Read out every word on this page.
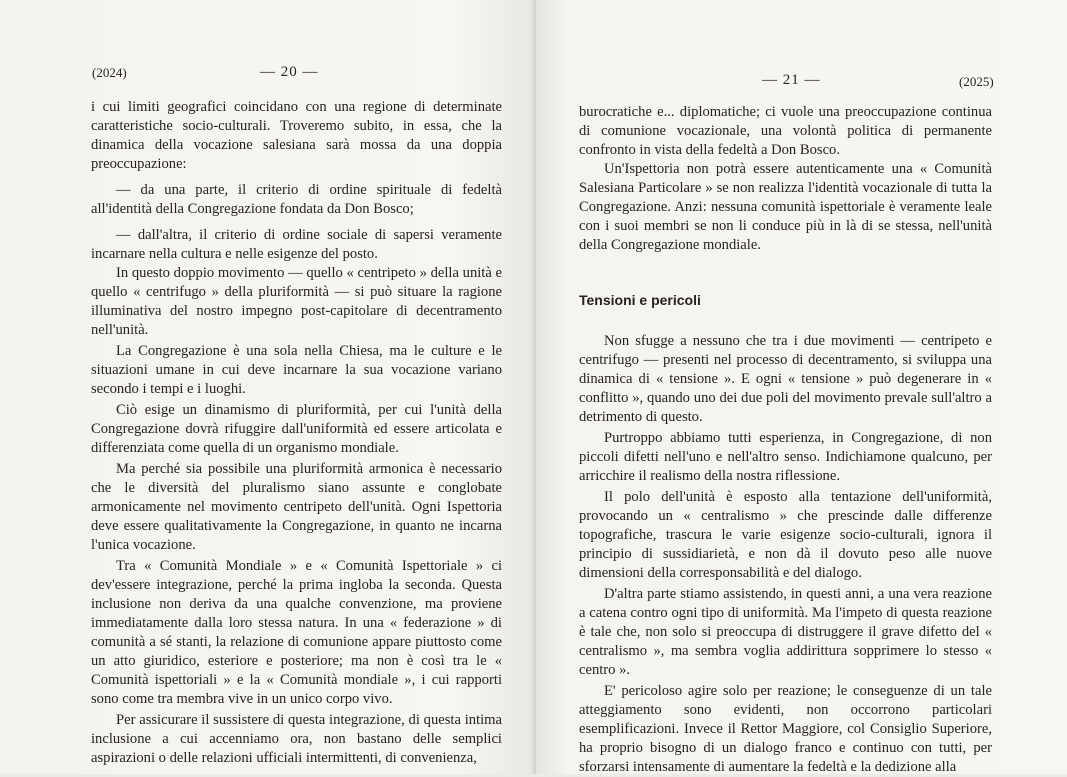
(2024)	— 20 —

i cui limiti geografici coincidano con una regione di determinate caratteristiche socio-culturali. Troveremo subito, in essa, che la dinamica della vocazione salesiana sarà mossa da una doppia preoccupazione:

— da una parte, il criterio di ordine spirituale di fedeltà all'identità della Congregazione fondata da Don Bosco;

— dall'altra, il criterio di ordine sociale di sapersi veramente incarnare nella cultura e nelle esigenze del posto.

In questo doppio movimento — quello « centripeto » della unità e quello « centrifugo » della pluriformità — si può situare la ragione illuminativa del nostro impegno post-capitolare di decentramento nell'unità.

La Congregazione è una sola nella Chiesa, ma le culture e le situazioni umane in cui deve incarnare la sua vocazione variano secondo i tempi e i luoghi.

Ciò esige un dinamismo di pluriformità, per cui l'unità della Congregazione dovrà rifuggire dall'uniformità ed essere articolata e differenziata come quella di un organismo mondiale.

Ma perché sia possibile una pluriformità armonica è necessario che le diversità del pluralismo siano assunte e conglobate armonicamente nel movimento centripeto dell'unità. Ogni Ispettoria deve essere qualitativamente la Congregazione, in quanto ne incarna l'unica vocazione.

Tra « Comunità Mondiale » e « Comunità Ispettoriale » ci dev'essere integrazione, perché la prima ingloba la seconda. Questa inclusione non deriva da una qualche convenzione, ma proviene immediatamente dalla loro stessa natura. In una « federazione » di comunità a sé stanti, la relazione di comunione appare piuttosto come un atto giuridico, esteriore e posteriore; ma non è così tra le « Comunità ispettoriali » e la « Comunità mondiale », i cui rapporti sono come tra membra vive in un unico corpo vivo.

Per assicurare il sussistere di questa integrazione, di questa intima inclusione a cui accenniamo ora, non bastano delle semplici aspirazioni o delle relazioni ufficiali intermittenti, di convenienza,

— 21 —	(2025)

burocratiche e... diplomatiche; ci vuole una preoccupazione continua di comunione vocazionale, una volontà politica di permanente confronto in vista della fedeltà a Don Bosco.

Un'Ispettoria non potrà essere autenticamente una « Comunità Salesiana Particolare » se non realizza l'identità vocazionale di tutta la Congregazione. Anzi: nessuna comunità ispettoriale è veramente leale con i suoi membri se non li conduce più in là di se stessa, nell'unità della Congregazione mondiale.

Tensioni e pericoli

Non sfugge a nessuno che tra i due movimenti — centripeto e centrifugo — presenti nel processo di decentramento, si sviluppa una dinamica di « tensione ». E ogni « tensione » può degenerare in « conflitto », quando uno dei due poli del movimento prevale sull'altro a detrimento di questo.

Purtroppo abbiamo tutti esperienza, in Congregazione, di non piccoli difetti nell'uno e nell'altro senso. Indichiamone qualcuno, per arricchire il realismo della nostra riflessione.

Il polo dell'unità è esposto alla tentazione dell'uniformità, provocando un « centralismo » che prescinde dalle differenze topografiche, trascura le varie esigenze socio-culturali, ignora il principio di sussidiarietà, e non dà il dovuto peso alle nuove dimensioni della corresponsabilità e del dialogo.

D'altra parte stiamo assistendo, in questi anni, a una vera reazione a catena contro ogni tipo di uniformità. Ma l'impeto di questa reazione è tale che, non solo si preoccupa di distruggere il grave difetto del « centralismo », ma sembra voglia addirittura sopprimere lo stesso « centro ».

E' pericoloso agire solo per reazione; le conseguenze di un tale atteggiamento sono evidenti, non occorrono particolari esemplificazioni. Invece il Rettor Maggiore, col Consiglio Superiore, ha proprio bisogno di un dialogo franco e continuo con tutti, per sforzarsi intensamente di aumentare la fedeltà e la dedizione alla
